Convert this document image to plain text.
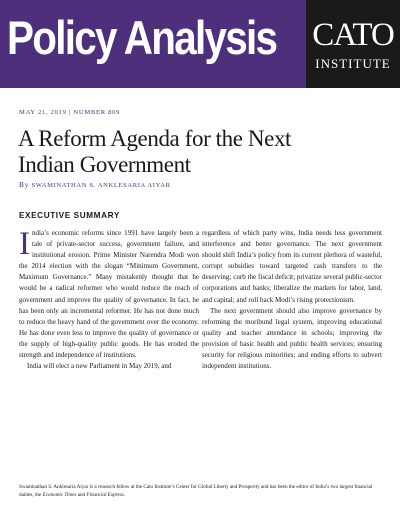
Policy Analysis CATO
INSTITUTE
MAY 21, 2019 | NUMBER 869
A Reform Agenda for the Next Indian Government
By SWAMINATHAN S. ANKLESARIA AIYAR
EXECUTIVE SUMMARY

India’s economic reforms since 1991 have largely been a tale of private-sector success, government failure, and institutional erosion. Prime Minister Narendra Modi won the 2014 election with the slogan “Minimum Government, Maximum Governance.” Many mistakenly thought that he would be a radical reformer who would reduce the reach of government and improve the quality of governance. In fact, he has been only an incremental reformer. He has not done much to reduce the heavy hand of the government over the economy. He has done even less to improve the quality of governance or the supply of high-quality public goods. He has eroded the strength and independence of institutions.

India will elect a new Parliament in May 2019, and

regardless of which party wins, India needs less government interference and better governance. The next government should shift India’s policy from its current plethora of wasteful, corrupt subsidies toward targeted cash transfers to the deserving; curb the fiscal deficit; privatize several public-sector corporations and banks; liberalize the markets for labor, land, and capital; and roll back Modi’s rising protectionism.

The next government should also improve governance by reforming the moribund legal system, improving educational quality and teacher attendance in schools; improving the provision of basic health and public health services; ensuring security for religious minorities; and ending efforts to subvert independent institutions.

Swaminathan S. Anklesaria Aiyar is a research fellow at the Cato Institute’s Center for Global Liberty and Prosperity and has been the editor of India’s two largest financial dailies, the Economic Times and Financial Express.
